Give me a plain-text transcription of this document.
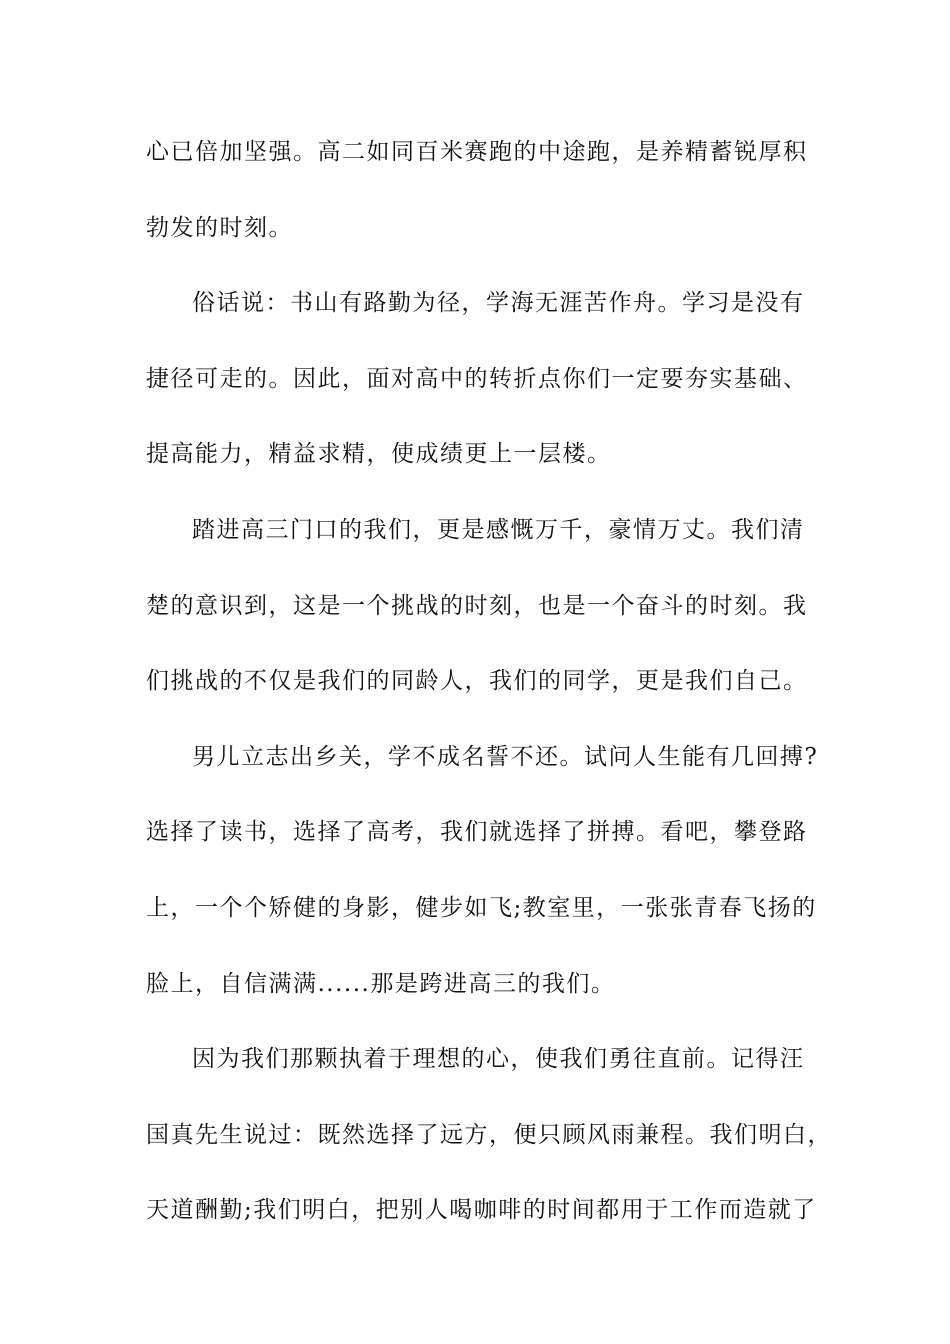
心已倍加坚强。高二如同百米赛跑的中途跑，是养精蓄锐厚积
勃发的时刻。
俗话说：书山有路勤为径，学海无涯苦作舟。学习是没有
捷径可走的。因此，面对高中的转折点你们一定要夯实基础、
提高能力，精益求精，使成绩更上一层楼。
踏进高三门口的我们，更是感慨万千，豪情万丈。我们清
楚的意识到，这是一个挑战的时刻，也是一个奋斗的时刻。我
们挑战的不仅是我们的同龄人，我们的同学，更是我们自己。
男儿立志出乡关，学不成名誓不还。试问人生能有几回搏?
选择了读书，选择了高考，我们就选择了拼搏。看吧，攀登路
上，一个个矫健的身影，健步如飞;教室里，一张张青春飞扬的
脸上，自信满满......那是跨进高三的我们。
因为我们那颗执着于理想的心，使我们勇往直前。记得汪
国真先生说过：既然选择了远方，便只顾风雨兼程。我们明白，
天道酬勤;我们明白，把别人喝咖啡的时间都用于工作而造就了
